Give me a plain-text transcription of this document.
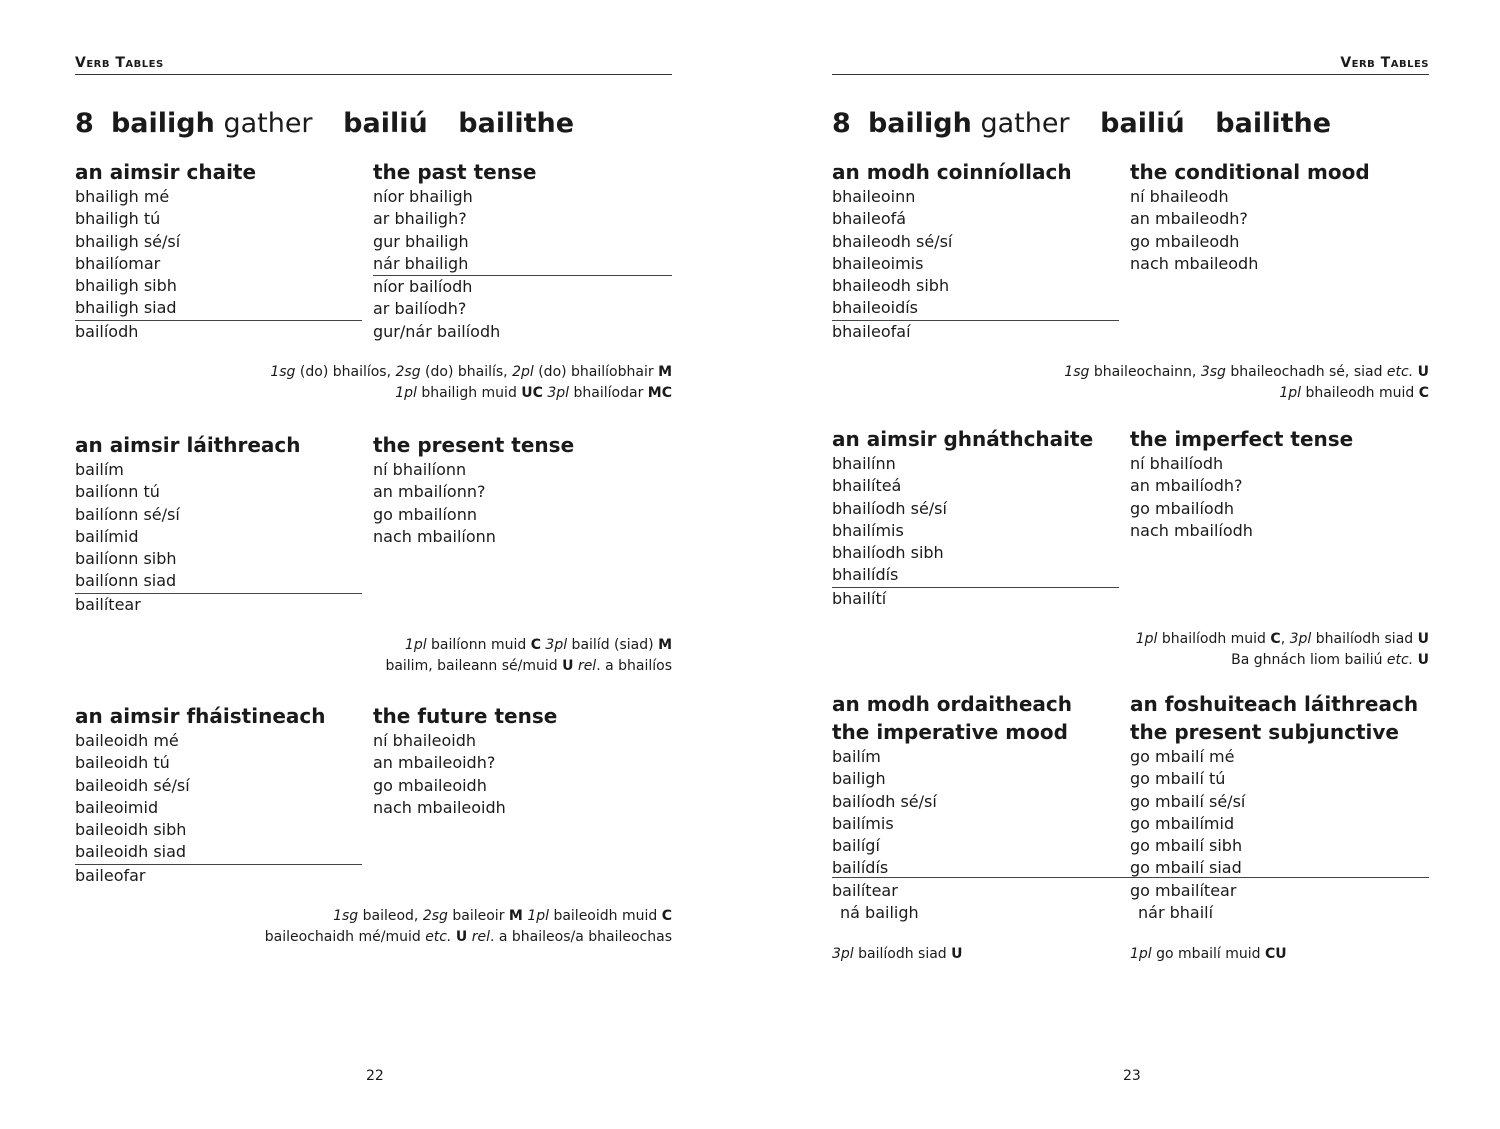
Verb Tables
8 bailigh gather bailiú bailithe
an aimsir chaite
bhailigh mé
bhailigh tú
bhailigh sé/sí
bhailíomar
bhailigh sibh
bhailigh siad
bailíodh
the past tense
níor bhailigh
ar bhailigh?
gur bhailigh
nár bhailigh
níor bailíodh
ar bailíodh?
gur/nár bailíodh
1sg (do) bhailíos, 2sg (do) bhailís, 2pl (do) bhailíobhair M
1pl bhailigh muid UC 3pl bhailíodar MC
an aimsir láithreach
bailím
bailíonn tú
bailíonn sé/sí
bailímid
bailíonn sibh
bailíonn siad
bailítear
the present tense
ní bhailíonn
an mbailíonn?
go mbailíonn
nach mbailíonn
1pl bailíonn muid C 3pl bailíd (siad) M
bailim, baileann sé/muid U rel. a bhailíos
an aimsir fháistineach
baileoidh mé
baileoidh tú
baileoidh sé/sí
baileoimid
baileoidh sibh
baileoidh siad
baileofar
the future tense
ní bhaileoidh
an mbaileoidh?
go mbaileoidh
nach mbaileoidh
1sg baileod, 2sg baileoir M 1pl baileoidh muid C
baileochaidh mé/muid etc. U rel. a bhaileos/a bhaileochas
22
Verb Tables
8 bailigh gather bailiú bailithe
an modh coinníollach
bhaileoinn
bhaileofá
bhaileodh sé/sí
bhaileoimis
bhaileodh sibh
bhaileoidís
bhaileofaí
the conditional mood
ní bhaileodh
an mbaileodh?
go mbaileodh
nach mbaileodh
1sg bhaileochainn, 3sg bhaileochadh sé, siad etc. U
1pl bhaileodh muid C
an aimsir ghnáthchaite
bhailínn
bhailíteá
bhailíodh sé/sí
bhailímis
bhailíodh sibh
bhailídís
bhailítí
the imperfect tense
ní bhailíodh
an mbailíodh?
go mbailíodh
nach mbailíodh
1pl bhailíodh muid C, 3pl bhailíodh siad U
Ba ghnách liom bailiú etc. U
an modh ordaitheach
the imperative mood
bailím
bailigh
bailíodh sé/sí
bailímis
bailígí
bailídís
bailítear
ná bailigh
3pl bailíodh siad U
an foshuiteach láithreach
the present subjunctive
go mbailí mé
go mbailí tú
go mbailí sé/sí
go mbailímid
go mbailí sibh
go mbailí siad
go mbailítear
nár bhailí
1pl go mbailí muid CU
23
